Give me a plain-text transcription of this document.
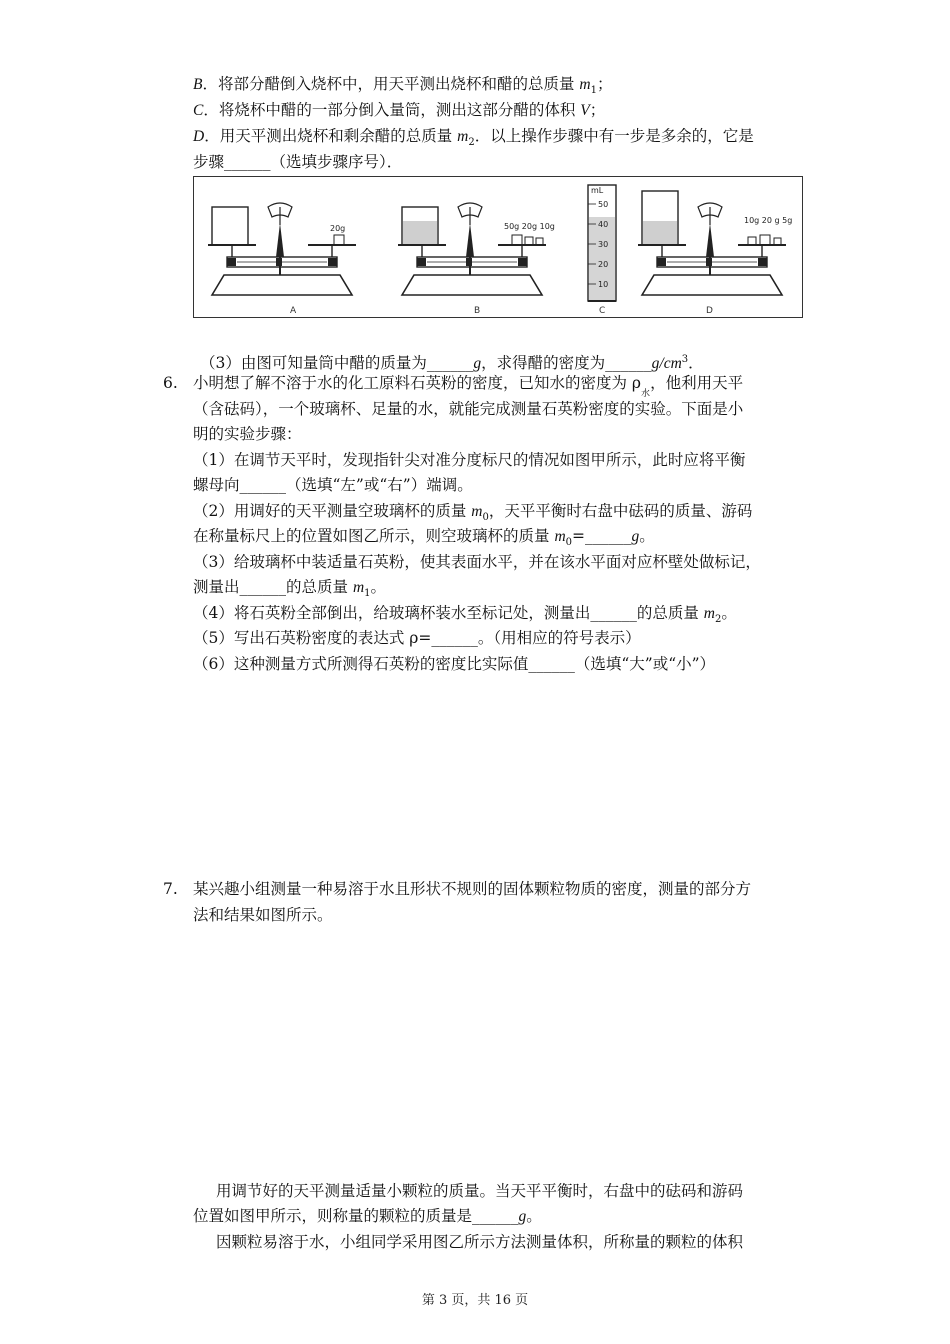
B．将部分醋倒入烧杯中，用天平测出烧杯和醋的总质量 $m_1$；
C．将烧杯中醋的一部分倒入量筒，测出这部分醋的体积 V；
D．用天平测出烧杯和剩余醋的总质量 $m_2$．以上操作步骤中有一步是多余的，它是
步骤______（选填步骤序号）．
20g
A
50g 20g 10g
B
mL
50
40
30
20
10
C
10g 20 g 5g
D
（3）由图可知量筒中醋的质量为______g，求得醋的密度为$\_\_\_\_\_\_g/cm^3$．
6. 小明想了解不溶于水的化工原料石英粉的密度，已知水的密度为 $\rho_水$，他利用天平
（含砝码），一个玻璃杯、足量的水，就能完成测量石英粉密度的实验。下面是小
明的实验步骤：
（1）在调节天平时，发现指针尖对准分度标尺的情况如图甲所示，此时应将平衡
螺母向______（选填“左”或“右”）端调。
（2）用调好的天平测量空玻璃杯的质量 $m_0$，天平平衡时右盘中砝码的质量、游码
在称量标尺上的位置如图乙所示，则空玻璃杯的质量 $m_0=\_\_\_\_\_\_g$。
（3）给玻璃杯中装适量石英粉，使其表面水平，并在该水平面对应杯壁处做标记，
测量出______的总质量 $m_1$。
（4）将石英粉全部倒出，给玻璃杯装水至标记处，测量出______的总质量 $m_2$。
（5）写出石英粉密度的表达式 ρ=______。（用相应的符号表示）
（6）这种测量方式所测得石英粉的密度比实际值______（选填“大”或“小”）
7. 某兴趣小组测量一种易溶于水且形状不规则的固体颗粒物质的密度，测量的部分方
法和结果如图所示。
用调节好的天平测量适量小颗粒的质量。当天平平衡时，右盘中的砝码和游码
位置如图甲所示，则称量的颗粒的质量是______g。
因颗粒易溶于水，小组同学采用图乙所示方法测量体积，所称量的颗粒的体积
第 3 页，共 16 页
